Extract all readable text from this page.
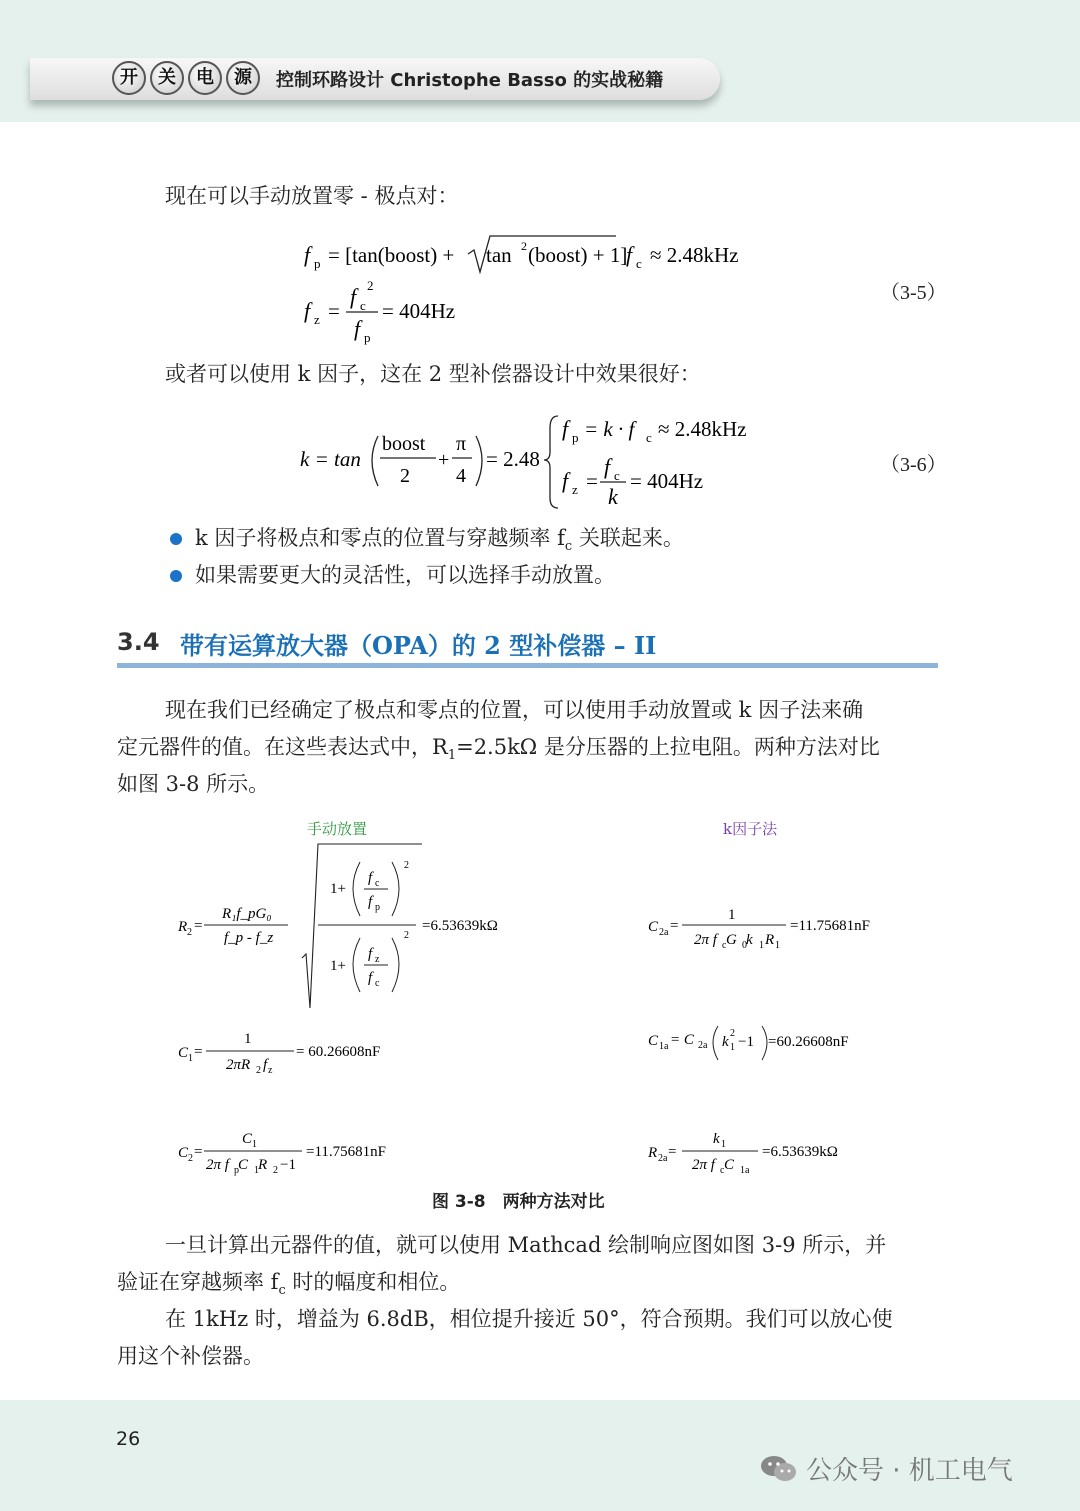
开	关	电	源	控制环路设计 Christophe Basso 的实战秘籍
现在可以手动放置零 - 极点对：
f p = [tan(boost) + tan 2 (boost) + 1]
f c ≈ 2.48kHz
f z =
f c
2
f p
= 404Hz
（3-5）
或者可以使用 k 因子，这在 2 型补偿器设计中效果很好：
k = tan
boost
2
+
π
4
= 2.48
f p = k · f c ≈ 2.48kHz
f z =
f c
k
= 404Hz
（3-6）
k 因子将极点和零点的位置与穿越频率 $f_c$ 关联起来。
如果需要更大的灵活性，可以选择手动放置。
3.4 带有运算放大器（OPA）的 2 型补偿器 – II
现在我们已经确定了极点和零点的位置，可以使用手动放置或 k 因子法来确
定元器件的值。在这些表达式中，$R_1=2.5k\Omega$ 是分压器的上拉电阻。两种方法对比
如图 3-8 所示。
手动放置	k因子法
R 2 =
R₁f_pG₀
f_p - f_z
1+
f c
f p
2
1+
f z
f c
2
=6.53639kΩ
C 1 =
1
2πR 2 f z
= 60.26608nF
C 2 =
C 1
2π f p C 1 R 2 −1
=11.75681nF
C 2a =
1
2π f c G 0 k 1 R 1
=11.75681nF
C 1a = C 2a k 1
2
−1 =60.26608nF
R 2a =
k 1
2π f c C 1a
=6.53639kΩ
图 3-8　两种方法对比
一旦计算出元器件的值，就可以使用 Mathcad 绘制响应图如图 3-9 所示，并
验证在穿越频率 $f_c$ 时的幅度和相位。
在 1kHz 时，增益为 6.8dB，相位提升接近 50°，符合预期。我们可以放心使
用这个补偿器。
26
公众号 · 机工电气
